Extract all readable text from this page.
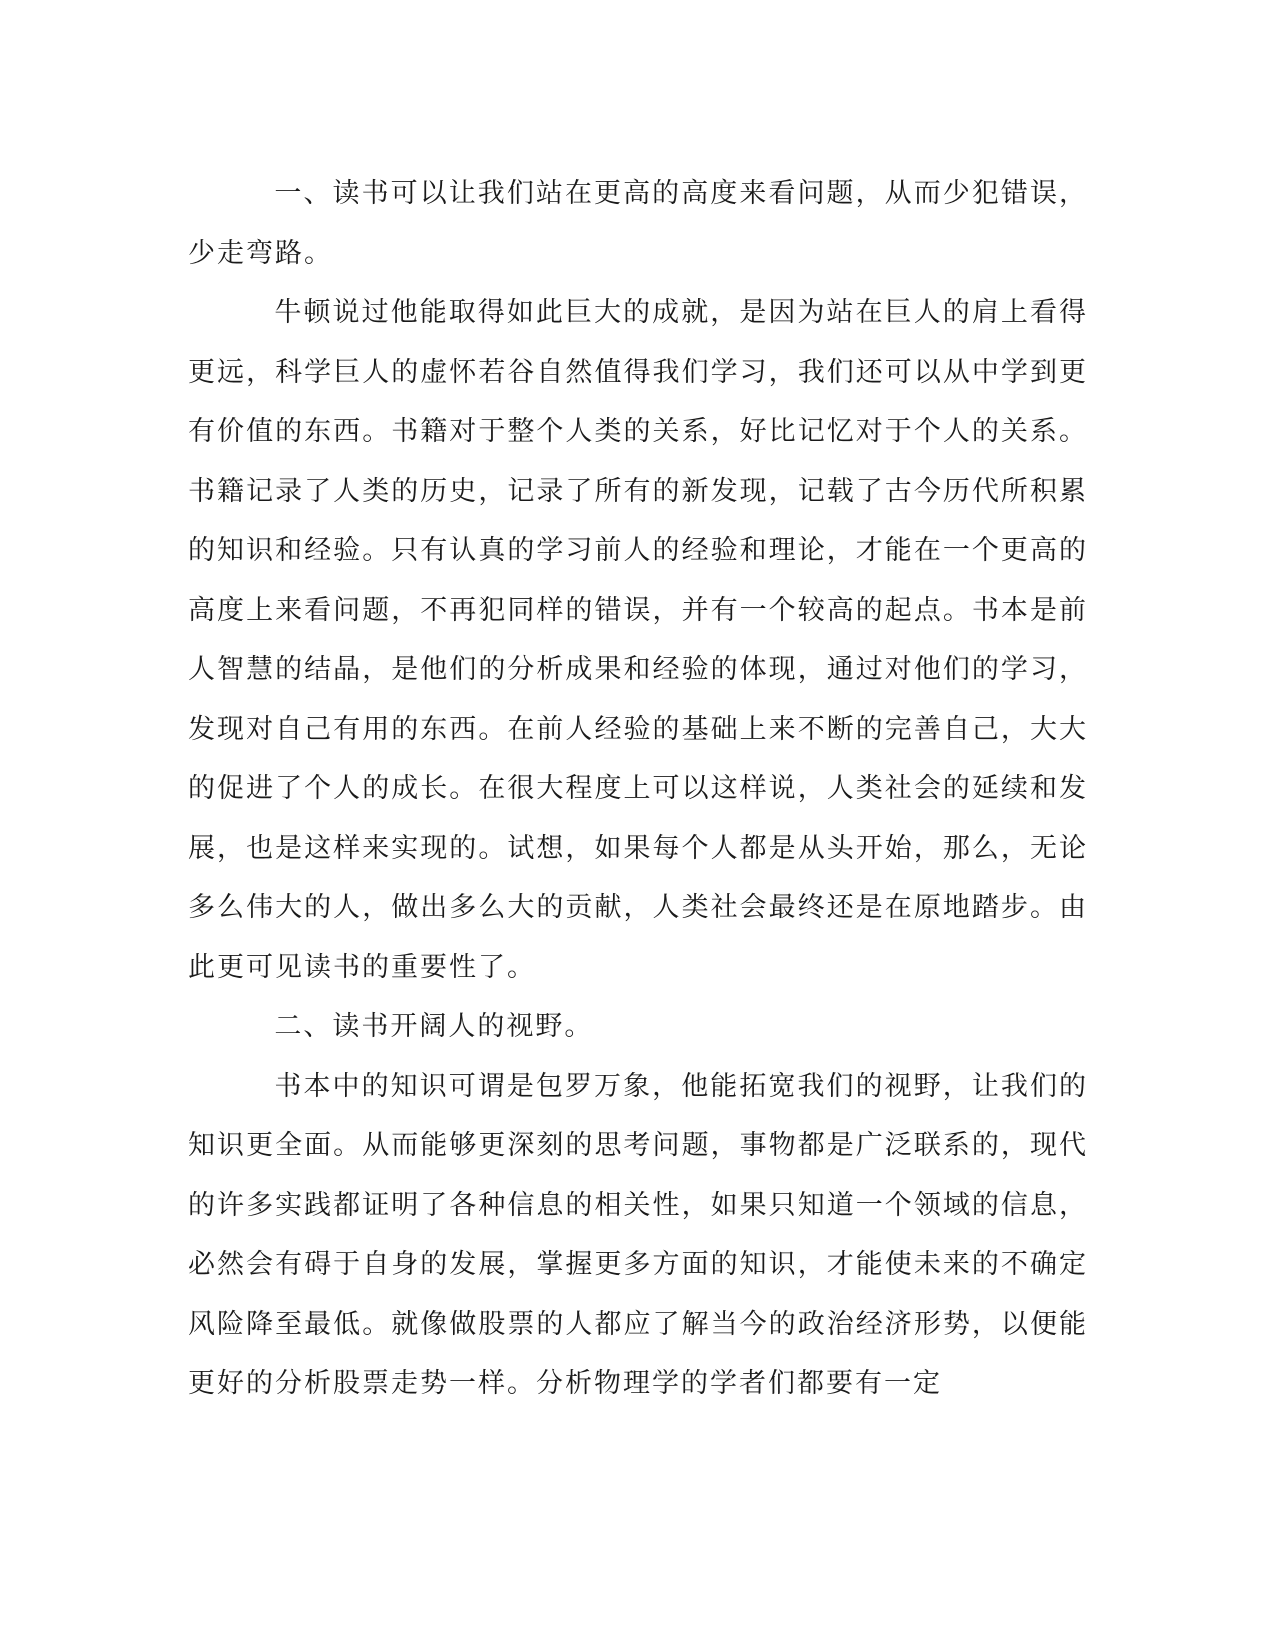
一、读书可以让我们站在更高的高度来看问题，从而少犯错误，少走弯路。

牛顿说过他能取得如此巨大的成就，是因为站在巨人的肩上看得更远，科学巨人的虚怀若谷自然值得我们学习，我们还可以从中学到更有价值的东西。书籍对于整个人类的关系，好比记忆对于个人的关系。书籍记录了人类的历史，记录了所有的新发现，记载了古今历代所积累的知识和经验。只有认真的学习前人的经验和理论，才能在一个更高的高度上来看问题，不再犯同样的错误，并有一个较高的起点。书本是前人智慧的结晶，是他们的分析成果和经验的体现，通过对他们的学习，发现对自己有用的东西。在前人经验的基础上来不断的完善自己，大大的促进了个人的成长。在很大程度上可以这样说，人类社会的延续和发展，也是这样来实现的。试想，如果每个人都是从头开始，那么，无论多么伟大的人，做出多么大的贡献，人类社会最终还是在原地踏步。由此更可见读书的重要性了。

二、读书开阔人的视野。

书本中的知识可谓是包罗万象，他能拓宽我们的视野，让我们的知识更全面。从而能够更深刻的思考问题，事物都是广泛联系的，现代的许多实践都证明了各种信息的相关性，如果只知道一个领域的信息，必然会有碍于自身的发展，掌握更多方面的知识，才能使未来的不确定风险降至最低。就像做股票的人都应了解当今的政治经济形势，以便能更好的分析股票走势一样。分析物理学的学者们都要有一定
